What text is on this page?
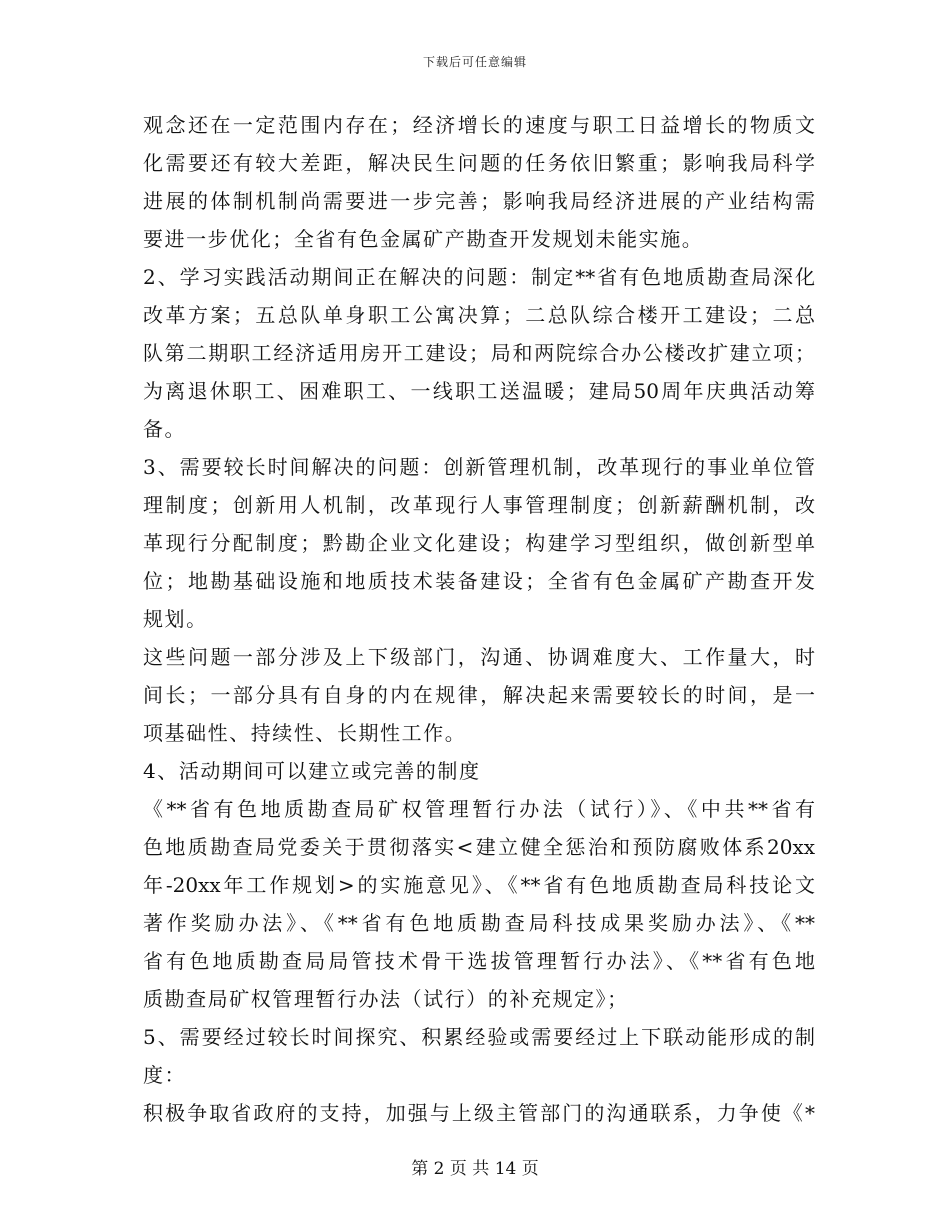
下载后可任意编辑
观念还在一定范围内存在；经济增长的速度与职工日益增长的物质文
化需要还有较大差距，解决民生问题的任务依旧繁重；影响我局科学
进展的体制机制尚需要进一步完善；影响我局经济进展的产业结构需
要进一步优化；全省有色金属矿产勘查开发规划未能实施。
2、学习实践活动期间正在解决的问题：制定**省有色地质勘查局深化
改革方案；五总队单身职工公寓决算；二总队综合楼开工建设；二总
队第二期职工经济适用房开工建设；局和两院综合办公楼改扩建立项；
为离退休职工、困难职工、一线职工送温暖；建局50周年庆典活动筹
备。
3、需要较长时间解决的问题：创新管理机制，改革现行的事业单位管
理制度；创新用人机制，改革现行人事管理制度；创新薪酬机制，改
革现行分配制度；黔勘企业文化建设；构建学习型组织，做创新型单
位；地勘基础设施和地质技术装备建设；全省有色金属矿产勘查开发
规划。
这些问题一部分涉及上下级部门，沟通、协调难度大、工作量大，时
间长；一部分具有自身的内在规律，解决起来需要较长的时间，是一
项基础性、持续性、长期性工作。
4、活动期间可以建立或完善的制度
《**省有色地质勘查局矿权管理暂行办法（试行）》、《中共**省有
色地质勘查局党委关于贯彻落实<建立健全惩治和预防腐败体系20xx
年-20xx年工作规划>的实施意见》、《**省有色地质勘查局科技论文
著作奖励办法》、《**省有色地质勘查局科技成果奖励办法》、《**
省有色地质勘查局局管技术骨干选拔管理暂行办法》、《**省有色地
质勘查局矿权管理暂行办法（试行）的补充规定》；
5、需要经过较长时间探究、积累经验或需要经过上下联动能形成的制
度：
积极争取省政府的支持，加强与上级主管部门的沟通联系，力争使《*
第 2 页 共 14 页
